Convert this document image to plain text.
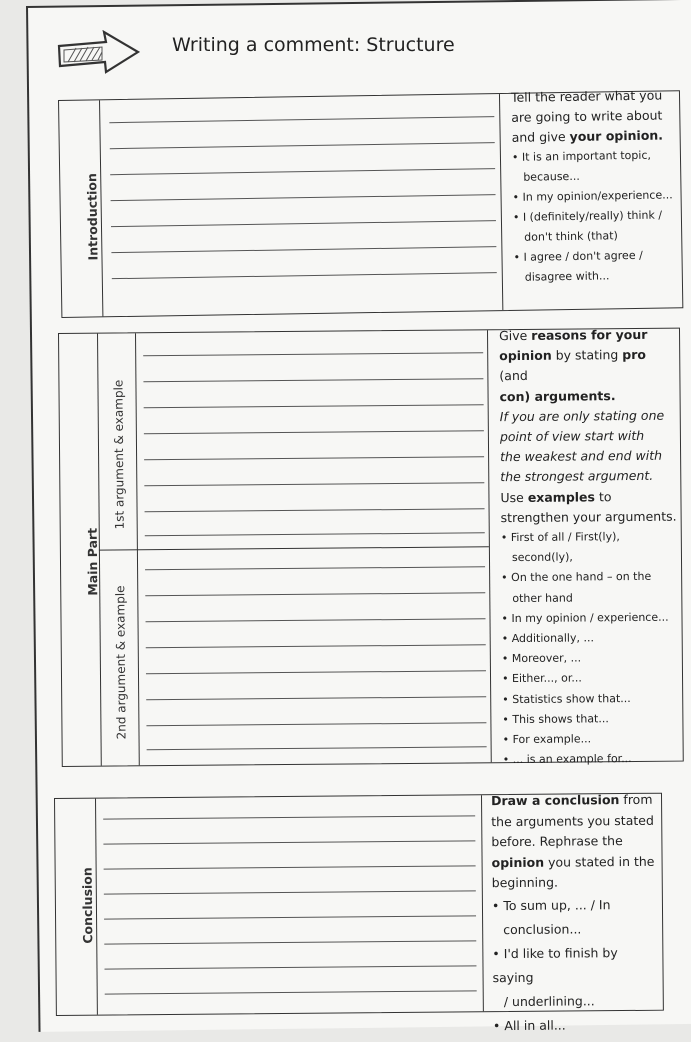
Writing a comment: Structure
Introduction
Tell the reader what you
are going to write about
and give your opinion.
• It is an important topic,
because...
• In my opinion/experience...
• I (definitely/really) think /
don't think (that)
• I agree / don't agree /
disagree with...
Main Part
1st argument & example
2nd argument & example
Give reasons for your
opinion by stating pro (and
con) arguments.
If you are only stating one
point of view start with
the weakest and end with
the strongest argument.
Use examples to
strengthen your arguments.
• First of all / First(ly),
second(ly),
• On the one hand – on the
other hand
• In my opinion / experience...
• Additionally, ...
• Moreover, ...
• Either..., or...
• Statistics show that...
• This shows that...
• For example...
• ... is an example for...
Conclusion
Draw a conclusion from
the arguments you stated
before. Rephrase the
opinion you stated in the
beginning.
• To sum up, ... / In
conclusion...
• I'd like to finish by saying
/ underlining...
• All in all...
